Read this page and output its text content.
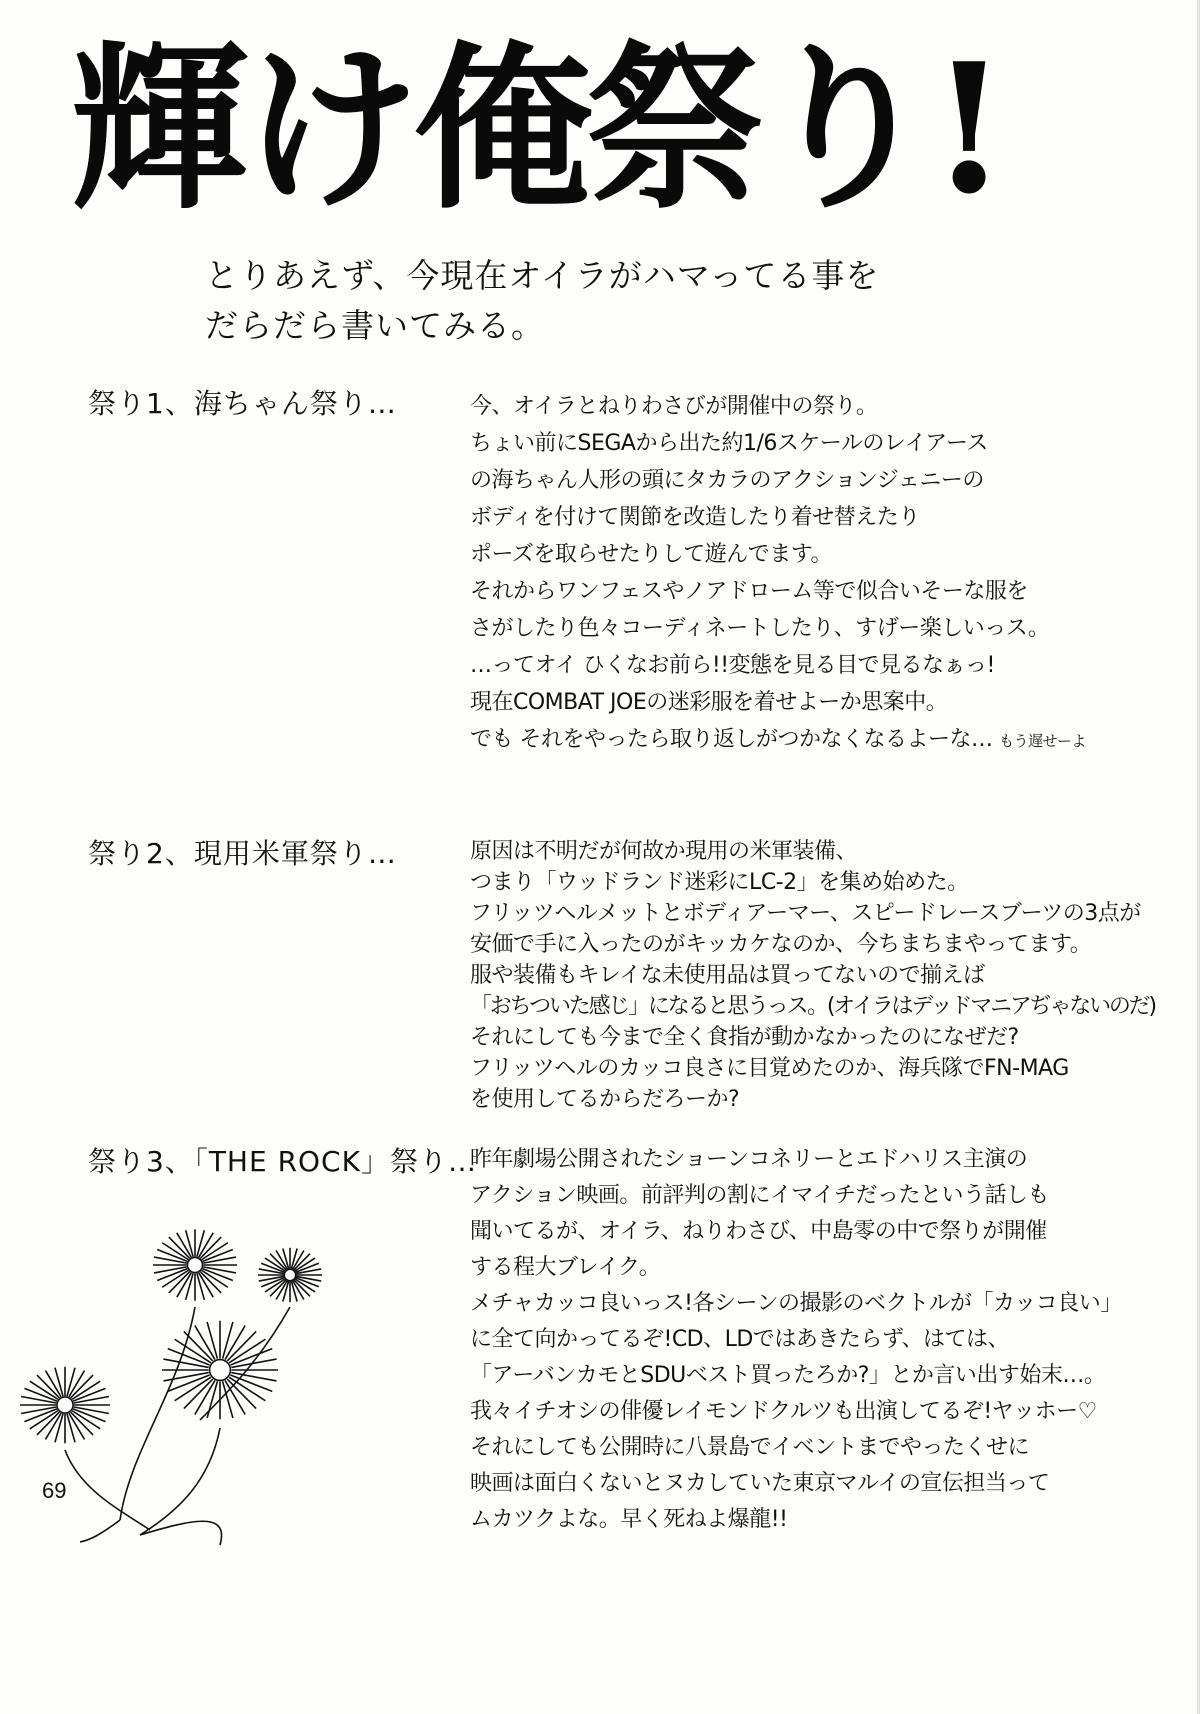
輝け俺祭り!
とりあえず、今現在オイラがハマってる事を
だらだら書いてみる。
祭り1、海ちゃん祭り…	今、オイラとねりわさびが開催中の祭り。
ちょい前にSEGAから出た約1/6スケールのレイアース
の海ちゃん人形の頭にタカラのアクションジェニーの
ボディを付けて関節を改造したり着せ替えたり
ポーズを取らせたりして遊んでます。
それからワンフェスやノアドローム等で似合いそーな服を
さがしたり色々コーディネートしたり、すげー楽しいっス。
…ってオイ ひくなお前ら!!変態を見る目で見るなぁっ!
現在COMBAT JOEの迷彩服を着せよーか思案中。
でも それをやったら取り返しがつかなくなるよーな… もう遅せーよ
祭り2、現用米軍祭り…	原因は不明だが何故か現用の米軍装備、
つまり「ウッドランド迷彩にLC-2」を集め始めた。
フリッツヘルメットとボディアーマー、スピードレースブーツの3点が
安価で手に入ったのがキッカケなのか、今ちまちまやってます。
服や装備もキレイな未使用品は買ってないので揃えば
「おちついた感じ」になると思うっス。(オイラはデッドマニアぢゃないのだ)
それにしても今まで全く食指が動かなかったのになぜだ?
フリッツヘルのカッコ良さに目覚めたのか、海兵隊でFN-MAG
を使用してるからだろーか?
祭り3、「THE ROCK」祭り…
昨年劇場公開されたショーンコネリーとエドハリス主演の
アクション映画。前評判の割にイマイチだったという話しも
聞いてるが、オイラ、ねりわさび、中島零の中で祭りが開催
する程大ブレイク。
メチャカッコ良いっス!各シーンの撮影のベクトルが「カッコ良い」
に全て向かってるぞ!CD、LDではあきたらず、はては、
「アーバンカモとSDUベスト買ったろか?」とか言い出す始末…。
我々イチオシの俳優レイモンドクルツも出演してるぞ!ヤッホー♡
それにしても公開時に八景島でイベントまでやったくせに
映画は面白くないとヌカしていた東京マルイの宣伝担当って
ムカツクよな。早く死ねよ爆龍!!
69
